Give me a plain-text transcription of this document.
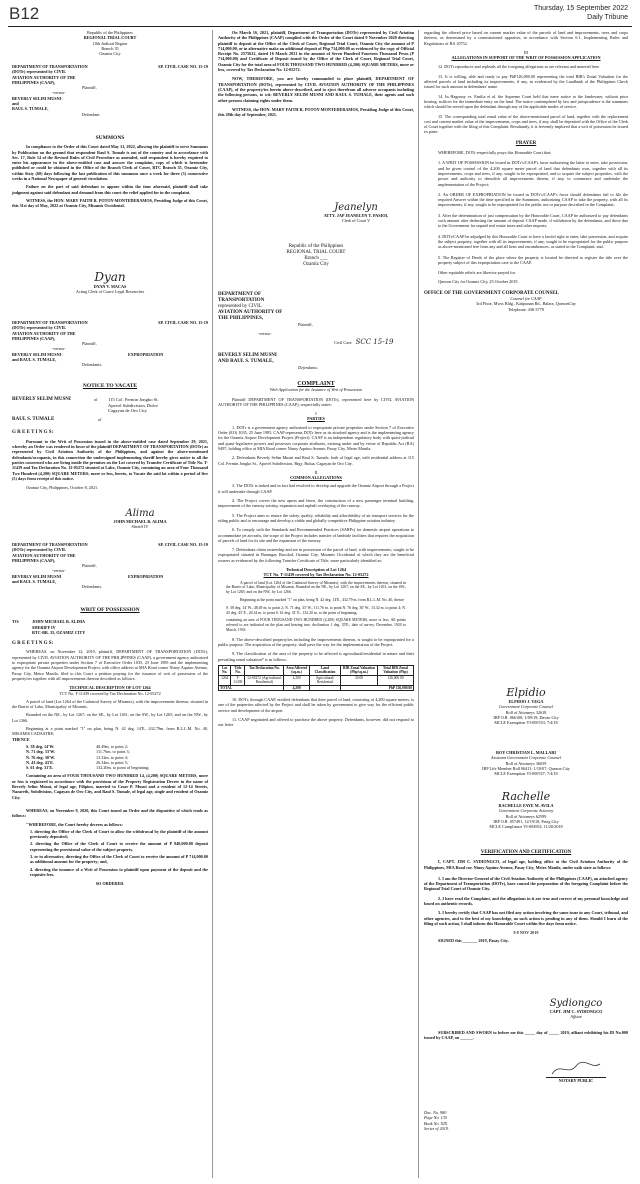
B12	Thursday, 15 September 2022
Daily Tribune
Republic of the Philippines
REGIONAL TRIAL COURT
10th Judicial Region
Branch 35
Ozamiz City
DEPARTMENT OF TRANSPORTATION
(DOTr) represented by CIVIL
AVIATION AUTHORITY OF THE
PHILIPPINES (CAAP),
SP. CIVIL CASE NO. 15-19
Plaintiff,
-versus-
BEVERLY SELIM MUSNI
and
RAUL S. TUMALE,
Defendant.
SUMMONS
In compliance to the Order of this Court dated May 31, 2022, allowing the plaintiff to serve Summons by Publication on the ground that respondent Raul S. Tumale is out of the country and to accordance with Sec. 17, Rule 14 of the Revised Rules of Civil Procedure as amended, said respondent is hereby required to enter his appearance in the above-entitled case and answer the complaint, copy of which is hereunder published or could be obtained in the Office of the Branch Clerk of Court, RTC Branch 35, Ozamiz City, within Sixty (60) days following the last publication of this summons once a week for three (3) consecutive weeks in a National Newspaper of general circulation.
Failure on the part of said defendant to appear within the time aforesaid, plaintiff shall take judgment against said defendant and demand from this court the relief applied for in the complaint.
WITNESS, the HON. MARY FAITH R. POTOY-MONTEDERAMOS, Presiding Judge of this Court, this 31st day of May, 2022 at Ozamiz City, Misamis Occidental.
Dyan
DYAN V. MACAS
Acting Clerk of Court/ Legal Researcher
DEPARTMENT OF TRANSPORTATION
(DOTr) represented by CIVIL
AVIATION AUTHORITY OF THE
PHILIPPINES (CAAP),
SP. CIVIL CASE NO. 15-19
Plaintiff,
-versus-
BEVERLY SELIM MUSNI
and RAUL S. TUMALE,
EXPROPRIATION
Defendants.
NOTICE TO VACATE
BEVERLY SELIM MUSNI	of	115 Col. Fermin Jongko St.
Apovel Subdivision, Dulce
Cagayan de Oro City
RAUL S. TUMALE	of
G R E E T I N G S:
Pursuant to the Writ of Possession issued in the above-entitled case dated September 29, 2021, whereby an Order was rendered in favor of the plaintiff DEPARTMENT OF TRANSPORTATION (DOTr) as represented by Civil Aviation Authority of the Philippines, and against the above-mentioned defendants/occupants, in this connection the undersigned implementing sheriff hereby gives notice to all the parties concerned who are living inside the premises on the Lot covered by Transfer Certificate of Title No. T-11439 and Tax Declaration No. 12-05272 situated at Labo, Ozamiz City, containing an area of Four Thousand Two Hundred (4,200) SQUARE METERS; more or less, hereto, to Vacate the said lot within a period of five (5) days from receipt of this notice.
Ozamiz City, Philippines, October 8, 2021.
Alima
JOHN MICHAEL B. ALIMA
Sheriff IV
DEPARTMENT OF TRANSPORTATION
(DOTr) represented by CIVIL
AVIATION AUTHORITY OF THE
PHILIPPINES (CAAP),
SP. CIVIL CASE NO. 15-19
Plaintiff,
-versus-
BEVERLY SELIM MUSNI
and RAUL S. TUMALE,
EXPROPRIATION
Defendants.
WRIT OF POSSESSION
TO:	JOHN MICHAEL B. ALIMA
SHERIFF IV
RTC-BR. 35, OZAMIZ CITY
G R E E T I N G S:
WHEREAS, on November 12, 2019, plaintiff, DEPARTMENT OF TRANSPORTATION (DOTr), represented by CIVIL AVIATION AUTHORITY OF THE PHILIPPINES (CAAP), a government agency authorized to expropriate private properties under Section 7 of Executive Order 1035, 25 June 1985 and the implementing agency for the Ozamiz Airport Development Project, with office address at MIA Road corner Ninoy Aquino Avenue, Pasay City, Metro Manila, filed to this Court a petition praying for the issuance of writ of possession of the property/ies together with all improvements thereon described as follows:
TECHNICAL DESCRIPTION OF LOT 1264
TCT No. T-11439 covered by Tax Declaration No. 12-05272
A parcel of land (Lot 1264 of the Cadastral Survey of Misamis), with the improvements thereon, situated in the Barrio of Labo, Municipality of Misamis.
Bounded on the NE., by Lot 1267; on the SE., by Lot 1261, on the SW., by Lot 1265; and on the NW., by Lot 1266.
Beginning at a point marked "1" on plan, being N. 42 deg. 14'E., 432.79m. from B.L.L.M. No. 40, MISAMIS CADASTRE;
THENCE
S. 38 deg. 14'W.	48.49m. to point 2;
N. 71 deg. 33'W.	111.76m. to point 3;
N. 76 deg. 30'W.	13.32m. to point 4;
N. 43 deg. 43'E.	26.34m. to point 5;
S. 61 deg. 31'E.	132.20m. to point of beginning;
Containing an area of FOUR THOUSAND TWO HUNDRED 14, (4,200) SQUARE METERS, more or less is registered in accordance with the provisions of the Property Registration Decree in the name of Beverly Selim Musni, of legal age, Filipino, married to Cesar P. Musni and a resident of 12-14 Streets, Nazareth, Subdivision, Cagayan de Oro City, and Raul S. Tumale, of legal age, single and resident of Ozamiz City.
WHEREAS, on November 9, 2020, this Court issued an Order and the dispositive of which reads as follows:
"WHEREFORE, the Court hereby decrees as follows:
1. directing the Office of the Clerk of Court to allow the withdrawal by the plaintiff of the amount previously deposited;
2. directing the Office of the Clerk of Court to receive the amount of P 840,000.00 deposit representing the provisional value of the subject property.
3. or in alternative, directing the Office of the Clerk of Court to receive the amount of P 714,000.00 as additional amount for the property; and,
4. directing the issuance of a Writ of Possession to plaintiff upon payment of the deposit and the requisite fees.
SO ORDERED.
On March 16, 2021, plaintiff, Department of Transportation (DOTr) represented by Civil Aviation Authority of the Philippines (CAAP) complied with the Order of the Court dated 9 November 2020 directing plaintiff to deposit at the Office of the Clerk of Court, Regional Trial Court, Ozamiz City the amount of P 714,000.00, or in alternative make an additional deposit of Php 714,000.00 as evidenced by the copy of Official Receipt No. 2575622, dated 16 March 2021 in the amount of Seven Hundred Fourteen Thousand Pesos (P 714,000.00) and Certificate of Deposit issued by the Office of the Clerk of Court, Regional Trial Court, Ozamiz City for the total area of FOUR THOUSAND TWO HUNDRED (4,200) SQUARE METERS, more or less, covered by Tax Declaration No. 12-05272.
NOW, THEREFORE, you are hereby commanded to place plaintiff, DEPARTMENT OF TRANSPORTATION (DOTr), represented by CIVIL AVIATION AUTHORITY OF THE PHILIPPINES (CAAP), of the property/ies herein above-described, and to eject therefrom all adverse occupants including the following persons, to wit: BEVERLY SELIM MUSNI AND RAUL S. TUMALE, their agents and such other persons claiming rights under them.
WITNESS, the HON. MARY FAITH R. POTOY-MONTEDERAMOS, Presiding Judge of this Court, this 28th day of September, 2021.
Jeanelyn
ATTY. JAP JEANELYN T. PASIOL
Clerk of Court V
Republic of the Philippines
REGIONAL TRIAL COURT
Branch ___
Ozamiz City
DEPARTMENT OF
TRANSPORTATION
represented by CIVIL
AVIATION AUTHORITY OF
THE PHILIPPINES,
Plaintiff,
-versus-
Civil Case SCC 15-19
BEVERLY SELIM MUSNI
AND RAUL S. TUMALE,
Defendants.
COMPLAINT
With Application for the Issuance of Writ of Possession
Plaintiff DEPARTMENT OF TRANSPORTATION (DOTr), represented here by CIVIL AVIATION AUTHORITY OF THE PHILIPPINES (CAAP), respectfully states:
I
PARTIES
1. DOTr is a government agency authorized to expropriate private properties under Section 7 of Executive Order (EO) 1035, 25 June 1985. CAAP represents DOTr here as its attached agency and is the implementing agency for the Ozamiz Airport Development Project (Project). CAAP is an independent regulatory body with quasi-judicial and quasi-legislative powers and possesses corporate attributes, existing under and by virtue of Republic Act (RA) 9497, holding office at MIA Road corner Ninoy Aquino Avenue, Pasay City, Metro Manila.
2. Defendants Beverly Selim Musni and Raul S. Tumale, both of legal age, with residential address at 115 Col. Fermin Jongko St., Apovel Subdivision, Brgy. Bulua, Cagayan de Oro City.
II
COMMON ALLEGATIONS
3. The DOTr is tasked and in fact had resolved to develop and upgrade the Ozamiz Airport through a Project it will undertake through CAAP.
4. The Project covers the new apron and fence, the construction of a new passenger terminal building, improvement of the runway airstrip, expansion and asphalt overlaying of the runway.
5. The Project aims to ensure the safety, quality, reliability and affordability of air transport services for the riding public and to encourage and develop a viable and globally competitive Philippine aviation industry.
6. To comply with the Standards and Recommended Practices (SARPs) for domestic airport operations to accommodate jet aircrafts, the scope of the Project includes transfer of landside facilities that requires the acquisition of parcels of land for its site and the expansion of the runway.
7. Defendants claim ownership and are in possession of the parcel of land, with improvements, sought to be expropriated situated in Barangay Bacolod, Ozamiz City, Misamis Occidental of which they are the beneficial owners as evidenced by the following Transfer Certificate of Title, more particularly identified as:
Technical Description of Lot 1264
TCT No. T-11439 covered by Tax Declaration No. 12-05272
A parcel of land (Lot 1264 of the Cadastral Survey of Misamis), with the improvements thereon, situated in the Barrio of Labo, Municipality of Misamis. Bounded on the NE., by Lot 1267; on the SE., by Lot 1261, on the SW., by Lot 1265; and on the NW., by Lot 1266.
Beginning at the point marked "1" on plan, being N. 42 deg. 14'E., 432.79 m. from B.L.L.M. No. 40, thence
S. 38 deg. 14' W., 48.49 m. to point 2; N. 71 deg. 33' W., 111.76 m. to point N. 76 deg. 30' W., 13.32 m. to point 4; N. 43 deg. 43' E., 26.34 m. to point S. 61 deg. 31' E., 132.20 m. to the point of beginning;
containing an area of FOUR THOUSAND TWO HUNDRED (4,200) SQUARE METERS, more or less. All points referred to are indicated on the plan and bearing true, declination 1 deg. 35'E., date of survey, December, 1920 to March, 1933.
8. The above-described property/ies including the improvements thereon, is sought to be expropriated for a public purpose. The acquisition of the property, shall pave the way for the implementation of the Project.
9. The classification of the area of the property to be affected is agricultural/residential in nature and their prevailing zonal valuation* is as follows:
Lot No.	Title No.	Tax Declaration No.	Area Affected (sq.m.)	Land Classification	BIR Zonal Valuation (Php/sq.m.)	Total BIR Zonal Valuation (Php)
1264	T-11439	12-05272 (Agricultural, Residential)	4,200	Agricultural/ Residential	30.00	126,000.00
TOTAL			4,200		PhP 126,000.00	
10. DOTr, through CAAP, notified defendants that their parcel of land, consisting of 4,200 square meters, is one of the properties affected by the Project and shall be taken by government to give way for the efficient public service and development of the airport.
11. CAAP negotiated and offered to purchase the above property. Defendants, however, did not respond to our letter
regarding the offered price based on current market value of the parcels of land and improvements, trees and crops thereon, as determined by a commissioned appraiser, in accordance with Section 6.1, Implementing Rules and Regulations of RA 10752.
III
ALLEGATIONS IN SUPPORT OF THE WRIT OF POSSESSION APPLICATION
12. DOTr reproduces and repleads all the foregoing allegations as are relevant and material here.
13. It is willing, able and ready to pay PhP126,000.00 representing the total BIR's Zonal Valuation for the affected parcels of land including its improvements, if any, as evidenced by the Landbank of the Philippines Check issued for such amount in defendants' name.
14. In Hagonoy vs. Emilia et al. the Supreme Court held that mere notice to the landowner, without prior hearing, suffices for the immediate entry on the land. The notice contemplated by law and jurisprudence is the summons which should be served upon the defendant through any of the applicable modes of service.
15. The corresponding total zonal value of the above-mentioned parcel of land, together with the replacement cost and current market value of the improvements, crops and trees, if any, shall be deposited with the Office of the Clerk of Court together with the filing of this Complaint. Resultantly, it is fervently implored that a writ of possession be issued ex parte.
PRAYER
WHEREFORE, DOTr respectfully prays this Honorable Court that:
1. A WRIT OF POSSESSION be issued in DOTr's/CAAP's favor authorizing the latter to enter, take possession, and be given control of the 4,200 square meter parcel of land that defendants own, together with all its improvements, crops and trees, if any, sought to be expropriated, and to acquire the subject properties, with the power and authority to demolish all improvements therein, if any, to commence and undertake the implementation of the Project;
2. An ORDER OF EXPROPRIATION be issued in DOTr's/CAAP's favor should defendants fail to file the required Answer within the time specified in the Summons, authorizing CAAP to take the property, with all its improvements, if any, sought to be expropriated for the public use or purpose described in the Complaint;
3. After the determination of just compensation by the Honorable Court, CAAP be authorized to pay defendants such amount after deducting the amount of deposit CAAP made, if withdrawn by the defendants, and those due to the Government for unpaid real estate taxes and other imposts;
4. DOTr/CAAP be adjudged by this Honorable Court to have a lawful right to enter, take possession, and acquire the subject property, together with all its improvements, if any, sought to be expropriated for the public purpose as above-mentioned free from any and all liens and encumbrances, as stated in the Complaint; and,
5. The Register of Deeds of the place where the property is located be directed to register the title over the property subject of this expropriation case to the CAAP.
Other equitable reliefs are likewise prayed for.
Quezon City for Ozamiz City, 25 October 2019.
OFFICE OF THE GOVERNMENT CORPORATE COUNSEL
Counsel for CAAP
3rd Floor, Mwss Bldg., Katipunan Rd., Balara, QuezonCity
Telephone: 436-3778
Elpidio
ELPIDIO J. VEGA
Government Corporate Counsel
Roll of Attorneys 32618
IBP O.R. 066100; 1/09/19; Davao City
MCLE Exemption VI-000743; 7/4/18
ROY CHRISTIAN L. MALLARI
Assistant Government Corporate Counsel
Roll of Attorneys 36039
IBP Life Member Roll 06411; 1/10/07; Quezon City
MCLE Exemption VI-000747; 7/4/18
Rachelle
RACHELLE FAYE M. AVILA
Government Corporate Attorney
Roll of Attorneys 62599
IBP O.R. 057491, 12/19/18, Pasig City
MCLE Compliance VI-004952, 11/20/2018
VERIFICATION AND CERTIFICATION
I, CAPT. JIM C. SYDIONGCO, of legal age, holding office at the Civil Aviation Authority of the Philippines, MIA Road cor. Ninoy Aquino Avenue, Pasay City, Metro Manila, under oath state as follows:
1. I am the Director-General of the Civil Aviation Authority of the Philippines (CAAP), an attached agency of the Department of Transportation (DOTr), have caused the preparation of the foregoing Complaint before the Regional Trial Court of Ozamiz City.
2. I have read the Complaint, and the allegations in it are true and correct of my personal knowledge and based on authentic records.
3. I hereby certify that CAAP has not filed any action involving the same issue in any Court, tribunal, and other agencies, and to the best of my knowledge, no such action is pending in any of them. Should I learn of the filing of such action, I shall inform this Honorable Court within five days from notice.
0 8 NOV 2019
SIGNED this _______ 2019, Pasay City.
Sydiongco
CAPT. JIM C. SYDIONGCO
Affiant
SUBSCRIBED AND SWORN to before me this _____ day of _____ 2019, affiant exhibiting his ID No.000 issued by CAAP, on ______.
NOTARY PUBLIC
Doc. No. 980
Page No. 135
Book No. XIX
Series of 2019.
